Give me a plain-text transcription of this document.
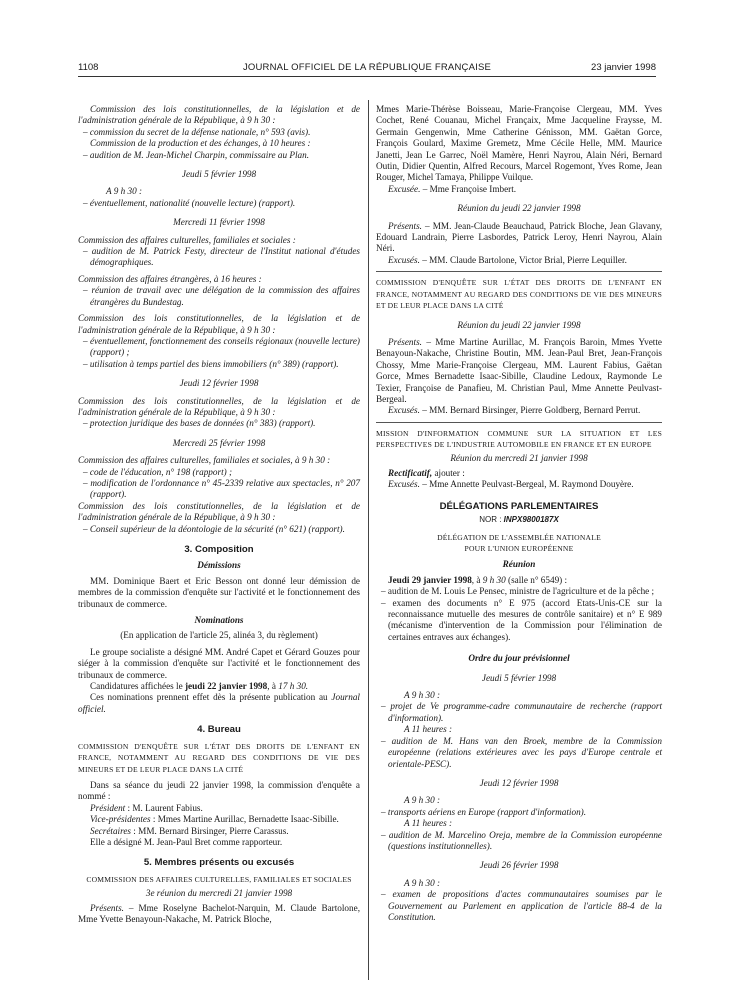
1108	JOURNAL OFFICIEL DE LA RÉPUBLIQUE FRANÇAISE	23 janvier 1998

Commission des lois constitutionnelles, de la législation et de l'administration générale de la République, à 9 h 30 :

– commission du secret de la défense nationale, n° 593 (avis).

Commission de la production et des échanges, à 10 heures :

– audition de M. Jean-Michel Charpin, commissaire au Plan.

Jeudi 5 février 1998

A 9 h 30 :

– éventuellement, nationalité (nouvelle lecture) (rapport).

Mercredi 11 février 1998

Commission des affaires culturelles, familiales et sociales :

– audition de M. Patrick Festy, directeur de l'Institut national d'études démographiques.

Commission des affaires étrangères, à 16 heures :

– réunion de travail avec une délégation de la commission des affaires étrangères du Bundestag.

Commission des lois constitutionnelles, de la législation et de l'administration générale de la République, à 9 h 30 :

– éventuellement, fonctionnement des conseils régionaux (nouvelle lecture) (rapport) ;

– utilisation à temps partiel des biens immobiliers (n° 389) (rapport).

Jeudi 12 février 1998

Commission des lois constitutionnelles, de la législation et de l'administration générale de la République, à 9 h 30 :

– protection juridique des bases de données (n° 383) (rapport).

Mercredi 25 février 1998

Commission des affaires culturelles, familiales et sociales, à 9 h 30 :

– code de l'éducation, n° 198 (rapport) ;

– modification de l'ordonnance n° 45-2339 relative aux spectacles, n° 207 (rapport).

Commission des lois constitutionnelles, de la législation et de l'administration générale de la République, à 9 h 30 :

– Conseil supérieur de la déontologie de la sécurité (n° 621) (rapport).

3. Composition

Démissions

MM. Dominique Baert et Eric Besson ont donné leur démission de membres de la commission d'enquête sur l'activité et le fonctionnement des tribunaux de commerce.

Nominations

(En application de l'article 25, alinéa 3, du règlement)

Le groupe socialiste a désigné MM. André Capet et Gérard Gouzes pour siéger à la commission d'enquête sur l'activité et le fonctionnement des tribunaux de commerce.

Candidatures affichées le jeudi 22 janvier 1998, à 17 h 30.

Ces nominations prennent effet dès la présente publication au Journal officiel.

4. Bureau

COMMISSION D'ENQUÊTE SUR L'ÉTAT DES DROITS DE L'ENFANT EN FRANCE, NOTAMMENT AU REGARD DES CONDITIONS DE VIE DES MINEURS ET DE LEUR PLACE DANS LA CITÉ

Dans sa séance du jeudi 22 janvier 1998, la commission d'enquête a nommé :

Président : M. Laurent Fabius.

Vice-présidentes : Mmes Martine Aurillac, Bernadette Isaac-Sibille.

Secrétaires : MM. Bernard Birsinger, Pierre Carassus.

Elle a désigné M. Jean-Paul Bret comme rapporteur.

5. Membres présents ou excusés

COMMISSION DES AFFAIRES CULTURELLES, FAMILIALES ET SOCIALES

3e réunion du mercredi 21 janvier 1998

Présents. – Mme Roselyne Bachelot-Narquin, M. Claude Bartolone, Mme Yvette Benayoun-Nakache, M. Patrick Bloche,

Mmes Marie-Thérèse Boisseau, Marie-Françoise Clergeau, MM. Yves Cochet, René Couanau, Michel Françaix, Mme Jacqueline Fraysse, M. Germain Gengenwin, Mme Catherine Génisson, MM. Gaëtan Gorce, François Goulard, Maxime Gremetz, Mme Cécile Helle, MM. Maurice Janetti, Jean Le Garrec, Noël Mamère, Henri Nayrou, Alain Néri, Bernard Outin, Didier Quentin, Alfred Recours, Marcel Rogemont, Yves Rome, Jean Rouger, Michel Tamaya, Philippe Vuilque.

Excusée. – Mme Françoise Imbert.

Réunion du jeudi 22 janvier 1998

Présents. – MM. Jean-Claude Beauchaud, Patrick Bloche, Jean Glavany, Edouard Landrain, Pierre Lasbordes, Patrick Leroy, Henri Nayrou, Alain Néri.

Excusés. – MM. Claude Bartolone, Victor Brial, Pierre Lequiller.

COMMISSION D'ENQUÊTE SUR L'ÉTAT DES DROITS DE L'ENFANT EN FRANCE, NOTAMMENT AU REGARD DES CONDITIONS DE VIE DES MINEURS ET DE LEUR PLACE DANS LA CITÉ

Réunion du jeudi 22 janvier 1998

Présents. – Mme Martine Aurillac, M. François Baroin, Mmes Yvette Benayoun-Nakache, Christine Boutin, MM. Jean-Paul Bret, Jean-François Chossy, Mme Marie-Françoise Clergeau, MM. Laurent Fabius, Gaëtan Gorce, Mmes Bernadette Isaac-Sibille, Claudine Ledoux, Raymonde Le Texier, Françoise de Panafieu, M. Christian Paul, Mme Annette Peulvast-Bergeal.

Excusés. – MM. Bernard Birsinger, Pierre Goldberg, Bernard Perrut.

MISSION D'INFORMATION COMMUNE SUR LA SITUATION ET LES PERSPECTIVES DE L'INDUSTRIE AUTOMOBILE EN FRANCE ET EN EUROPE

Réunion du mercredi 21 janvier 1998

Rectificatif, ajouter :

Excusés. – Mme Annette Peulvast-Bergeal, M. Raymond Douyère.

DÉLÉGATIONS PARLEMENTAIRES

NOR : INPX9800187X

DÉLÉGATION DE L'ASSEMBLÉE NATIONALE

POUR L'UNION EUROPÉENNE

Réunion

Jeudi 29 janvier 1998, à 9 h 30 (salle n° 6549) :

– audition de M. Louis Le Pensec, ministre de l'agriculture et de la pêche ;

– examen des documents n° E 975 (accord Etats-Unis-CE sur la reconnaissance mutuelle des mesures de contrôle sanitaire) et n° E 989 (mécanisme d'intervention de la Commission pour l'élimination de certaines entraves aux échanges).

Ordre du jour prévisionnel

Jeudi 5 février 1998

A 9 h 30 :

– projet de Ve programme-cadre communautaire de recherche (rapport d'information).

A 11 heures :

– audition de M. Hans van den Broek, membre de la Commission européenne (relations extérieures avec les pays d'Europe centrale et orientale-PESC).

Jeudi 12 février 1998

A 9 h 30 :

– transports aériens en Europe (rapport d'information).

A 11 heures :

– audition de M. Marcelino Oreja, membre de la Commission européenne (questions institutionnelles).

Jeudi 26 février 1998

A 9 h 30 :

– examen de propositions d'actes communautaires soumises par le Gouvernement au Parlement en application de l'article 88-4 de la Constitution.
